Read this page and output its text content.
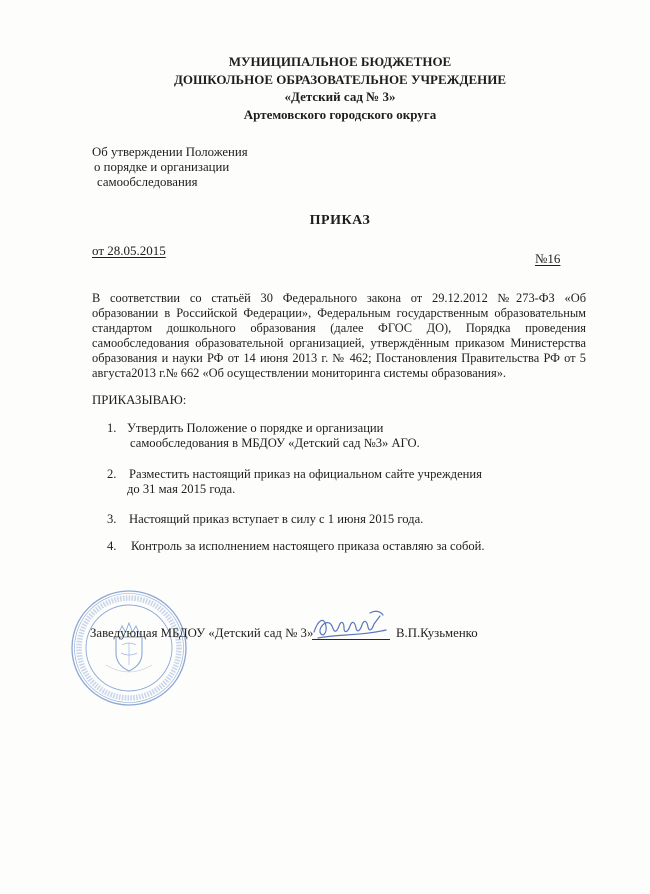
МУНИЦИПАЛЬНОЕ БЮДЖЕТНОЕ
ДОШКОЛЬНОЕ ОБРАЗОВАТЕЛЬНОЕ УЧРЕЖДЕНИЕ
«Детский сад № 3»
Артемовского городского округа
Об утверждении Положения
о порядке и организации
самообследования
ПРИКАЗ
от 28.05.2015
№16
В соответствии со статьёй 30 Федерального закона от 29.12.2012 №273-ФЗ «Об
образовании в Российской Федерации», Федеральным государственным образовательным
стандартом дошкольного образования (далее ФГОС ДО), Порядка проведения
самообследования образовательной организацией, утверждённым приказом Министерства
образования и науки РФ от 14 июня 2013 г. № 462; Постановления Правительства РФ от 5
августа2013 г.№ 662 «Об осуществлении мониторинга системы образования».
ПРИКАЗЫВАЮ:
1. Утвердить Положение о порядке и организации
самообследования в МБДОУ «Детский сад №3» АГО.
2. Разместить настоящий приказ на официальном сайте учреждения
до 31 мая 2015 года.
3. Настоящий приказ вступает в силу с 1 июня 2015 года.
4. Контроль за исполнением настоящего приказа оставляю за собой.
Заведующая МБДОУ «Детский сад № 3»	В.П.Кузьменко
